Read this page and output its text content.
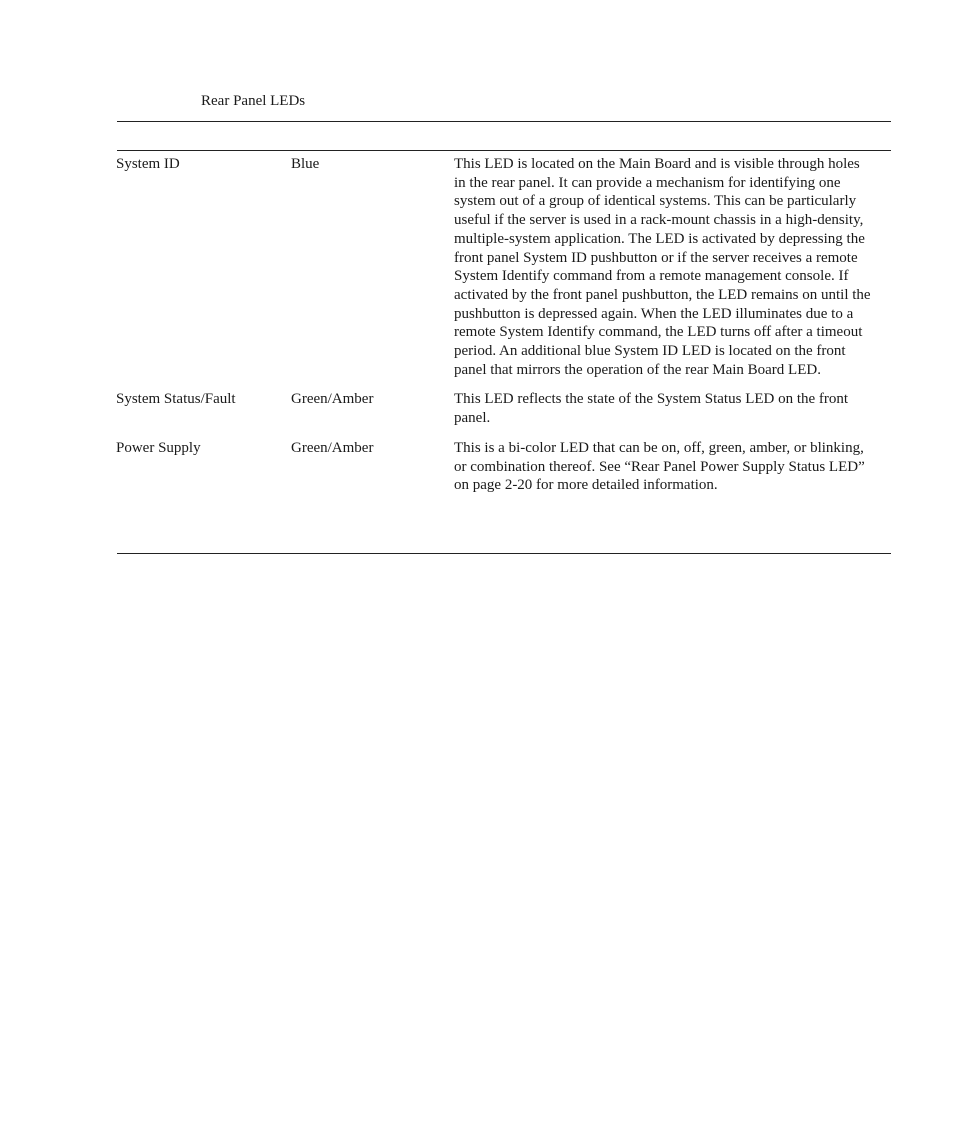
Rear Panel LEDs
System ID	Blue	This LED is located on the Main Board and is visible through holes in the rear panel. It can provide a mechanism for identifying one system out of a group of identical systems. This can be particularly useful if the server is used in a rack-mount chassis in a high-density, multiple-system application. The LED is activated by depressing the front panel System ID pushbutton or if the server receives a remote System Identify command from a remote management console. If activated by the front panel pushbutton, the LED remains on until the pushbutton is depressed again. When the LED illuminates due to a remote System Identify command, the LED turns off after a timeout period. An additional blue System ID LED is located on the front panel that mirrors the operation of the rear Main Board LED.
System Status/Fault	Green/Amber	This LED reflects the state of the System Status LED on the front panel.
Power Supply	Green/Amber	This is a bi-color LED that can be on, off, green, amber, or blinking, or combination thereof. See “Rear Panel Power Supply Status LED” on page 2-20 for more detailed information.
